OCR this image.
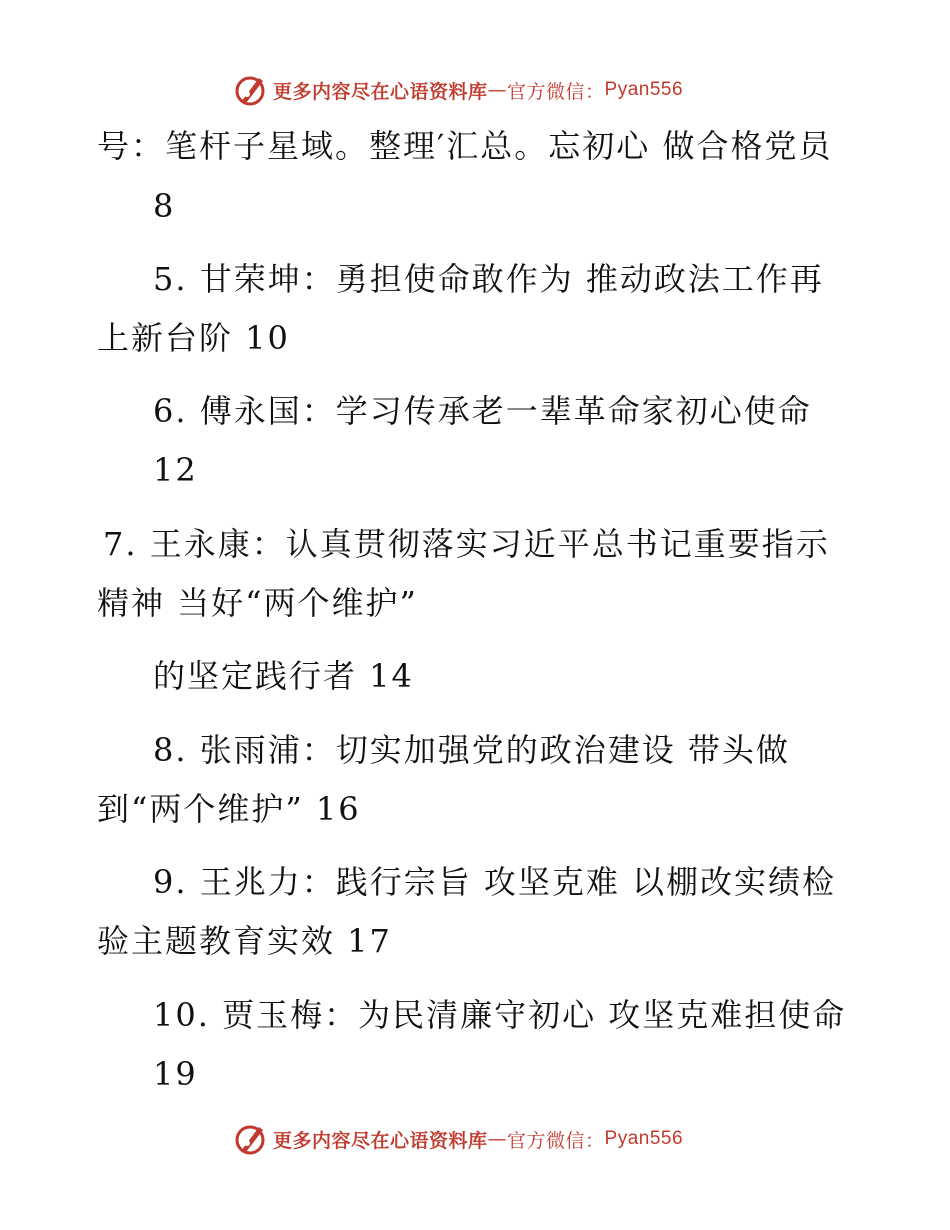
更多内容尽在心语资料库 — 官方微信： Pyan556
号：笔杆子星域。整理′汇总。忘初心 做合格党员
8
5. 甘荣坤：勇担使命敢作为 推动政法工作再
上新台阶 10
6. 傅永国：学习传承老一辈革命家初心使命
12
7. 王永康：认真贯彻落实习近平总书记重要指示
精神 当好“两个维护”
的坚定践行者 14
8. 张雨浦：切实加强党的政治建设 带头做
到“两个维护” 16
9. 王兆力：践行宗旨 攻坚克难 以棚改实绩检
验主题教育实效 17
10. 贾玉梅：为民清廉守初心 攻坚克难担使命
19
更多内容尽在心语资料库 — 官方微信： Pyan556
